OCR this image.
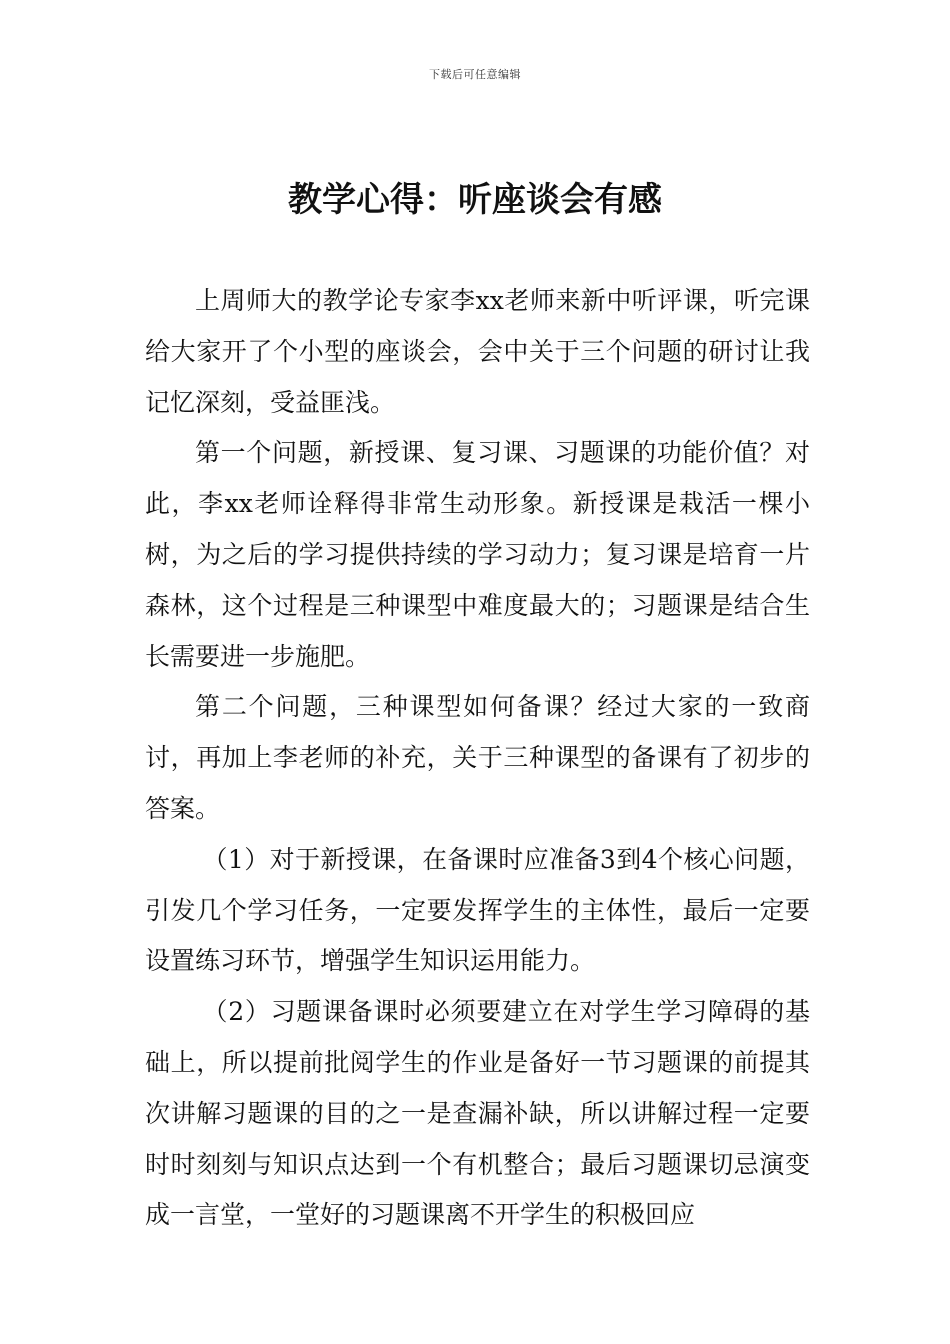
下载后可任意编辑
教学心得：听座谈会有感

上周师大的教学论专家李xx老师来新中听评课，听完课给大家开了个小型的座谈会，会中关于三个问题的研讨让我记忆深刻，受益匪浅。

第一个问题，新授课、复习课、习题课的功能价值？对此，李xx老师诠释得非常生动形象。新授课是栽活一棵小树，为之后的学习提供持续的学习动力；复习课是培育一片森林，这个过程是三种课型中难度最大的；习题课是结合生长需要进一步施肥。

第二个问题，三种课型如何备课？经过大家的一致商讨，再加上李老师的补充，关于三种课型的备课有了初步的答案。

（1）对于新授课，在备课时应准备3到4个核心问题，引发几个学习任务，一定要发挥学生的主体性，最后一定要设置练习环节，增强学生知识运用能力。

（2）习题课备课时必须要建立在对学生学习障碍的基础上，所以提前批阅学生的作业是备好一节习题课的前提其次讲解习题课的目的之一是查漏补缺，所以讲解过程一定要时时刻刻与知识点达到一个有机整合；最后习题课切忌演变成一言堂，一堂好的习题课离不开学生的积极回应
